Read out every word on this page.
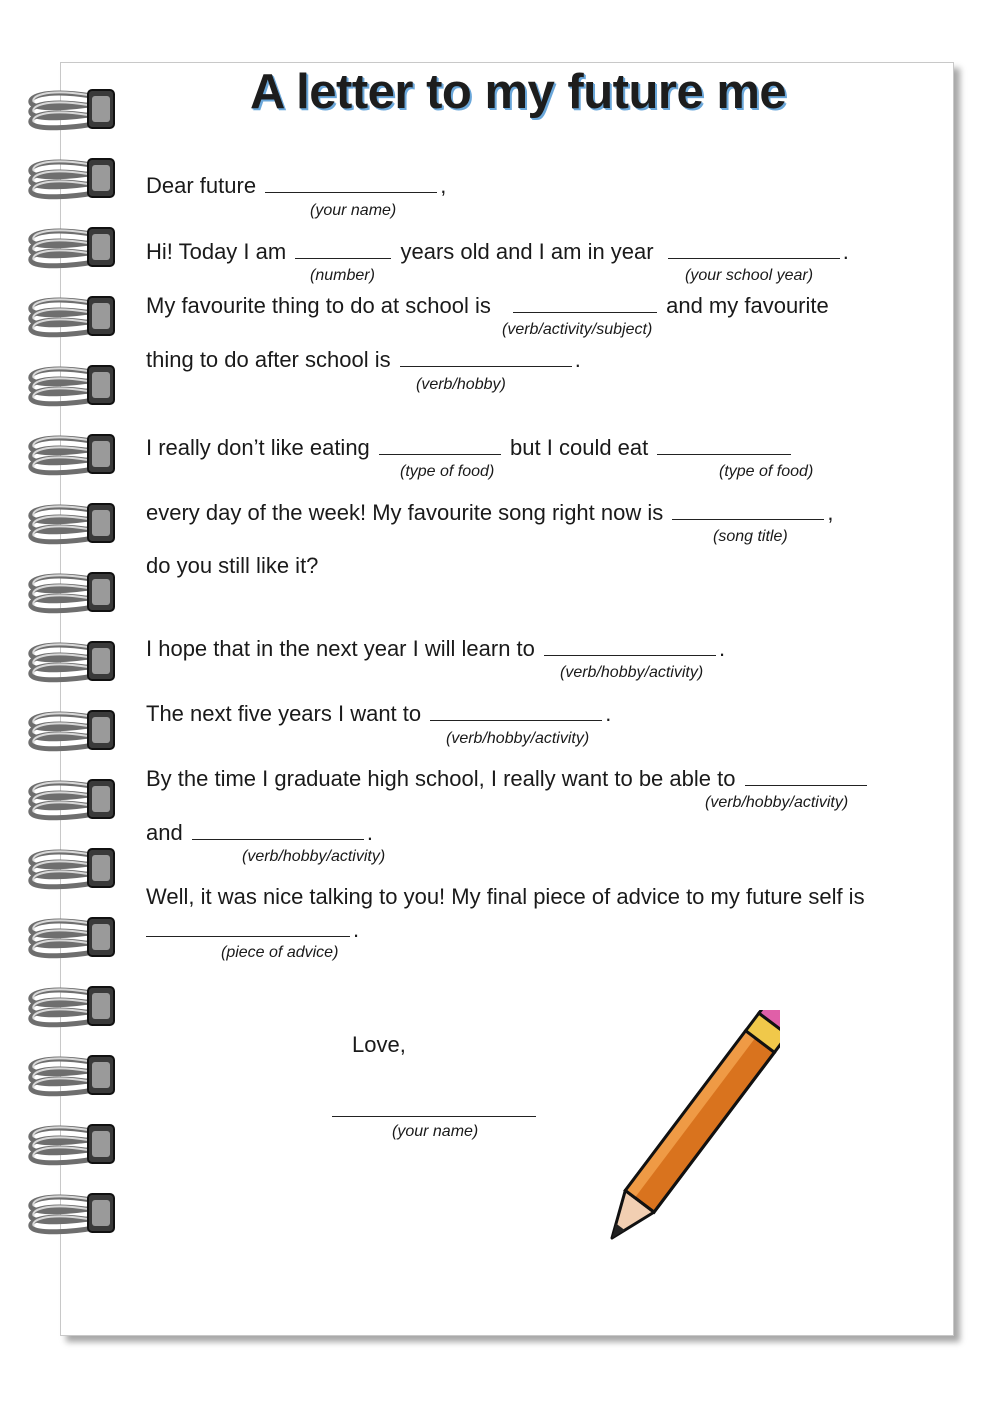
A letter to my future me
Dear future	,
(your name)
Hi! Today I am	years old and I am in year	.
(number)	(your school year)
My favourite thing to do at school is	and my favourite
(verb/activity/subject)
thing to do after school is	.
(verb/hobby)
I really don’t like eating	but I could eat
(type of food)	(type of food)
every day of the week! My favourite song right now is	,
(song title)
do you still like it?
I hope that in the next year I will learn to	.
(verb/hobby/activity)
The next five years I want to	.
(verb/hobby/activity)
By the time I graduate high school, I really want to be able to
(verb/hobby/activity)
and	.
(verb/hobby/activity)
Well, it was nice talking to you! My final piece of advice to my future self is
.
(piece of advice)
Love,
(your name)
